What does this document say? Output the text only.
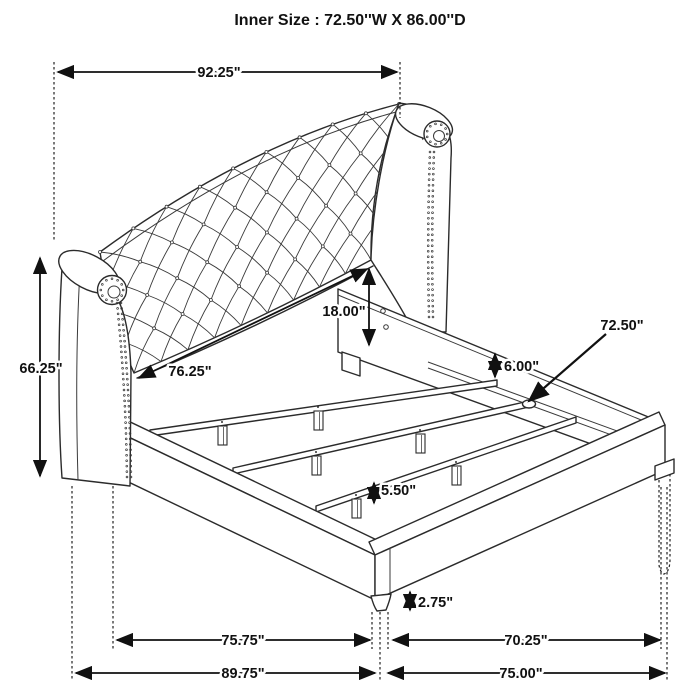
Inner Size : 72.50''W X 86.00''D
92.25"
66.25"	76.25"
18.00"
6.00"
72.50"
5.50"
2.75"
75.75"	70.25"
89.75"	75.00"
